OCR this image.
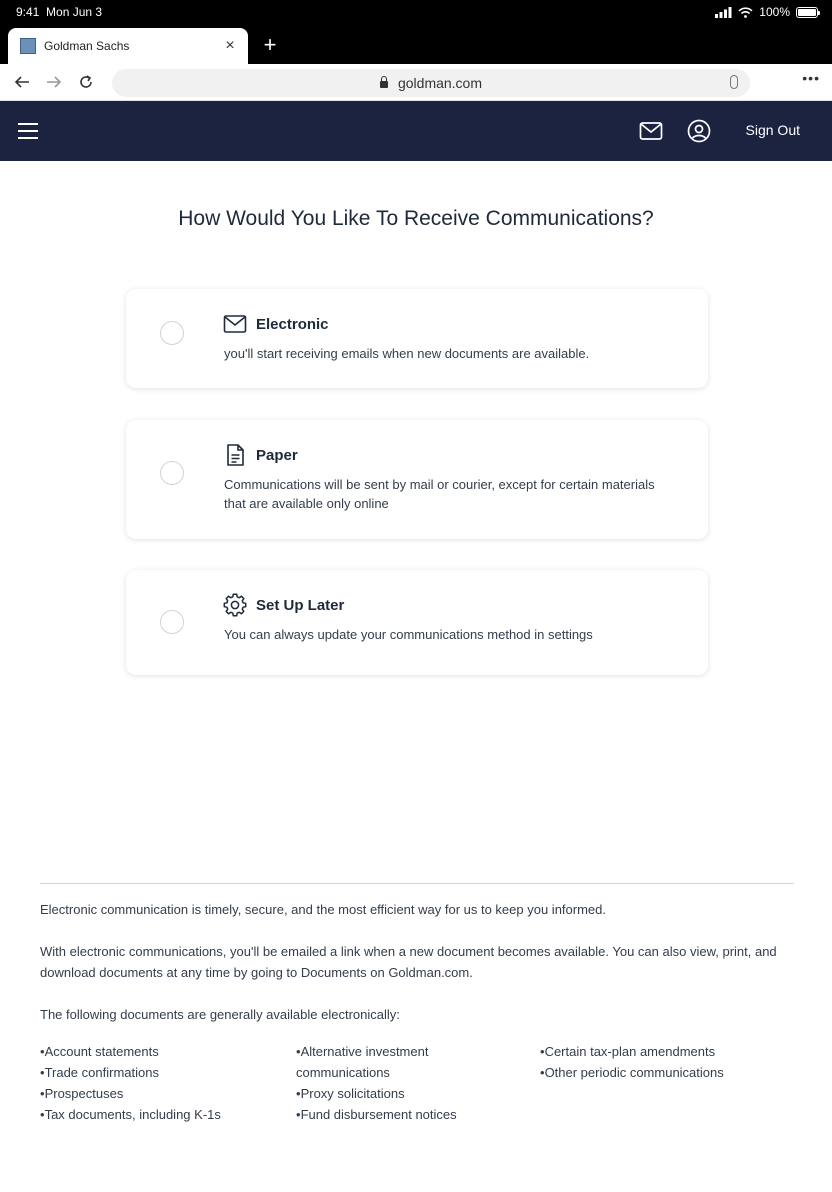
9:41 Mon Jun 3	100%
Goldman Sachs	× +
goldman.com	•••
Sign Out
How Would You Like To Receive Communications?
Electronic
you'll start receiving emails when new documents are available.
Paper
Communications will be sent by mail or courier, except for certain materials that are available only online
Set Up Later
You can always update your communications method in settings

Electronic communication is timely, secure, and the most efficient way for us to keep you informed.

With electronic communications, you'll be emailed a link when a new document becomes available. You can also view, print, and download documents at any time by going to Documents on Goldman.com.

The following documents are generally available electronically:

• Account statements
• Trade confirmations
• Prospectuses
• Tax documents, including K-1s
• Alternative investment communications
• Proxy solicitations
• Fund disbursement notices
• Certain tax-plan amendments
• Other periodic communications
